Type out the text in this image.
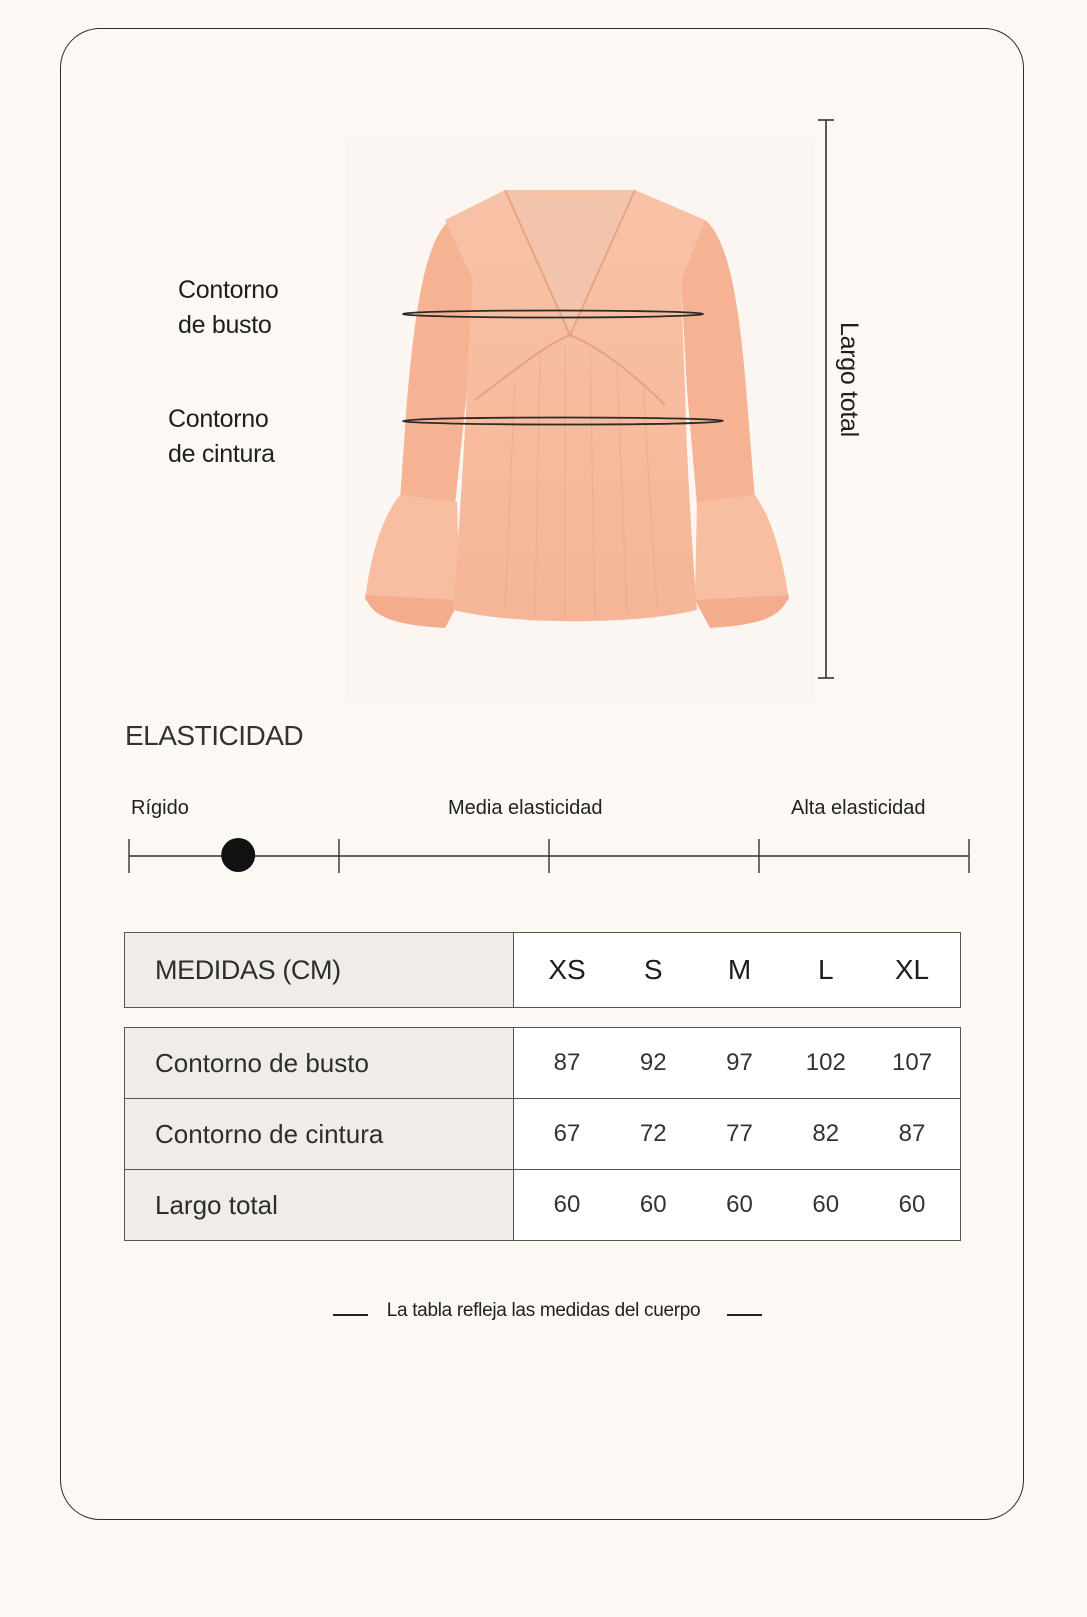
Contorno
de busto
Contorno
de cintura
Largo total
ELASTICIDAD
Rígido	Media elasticidad	Alta elasticidad
MEDIDAS (CM)	XS	S	M	L	XL
Contorno de busto	87 92 97 102 107

Contorno de cintura	67 72 77 82 87

Largo total	60 60 60 60 60
La tabla refleja las medidas del cuerpo
